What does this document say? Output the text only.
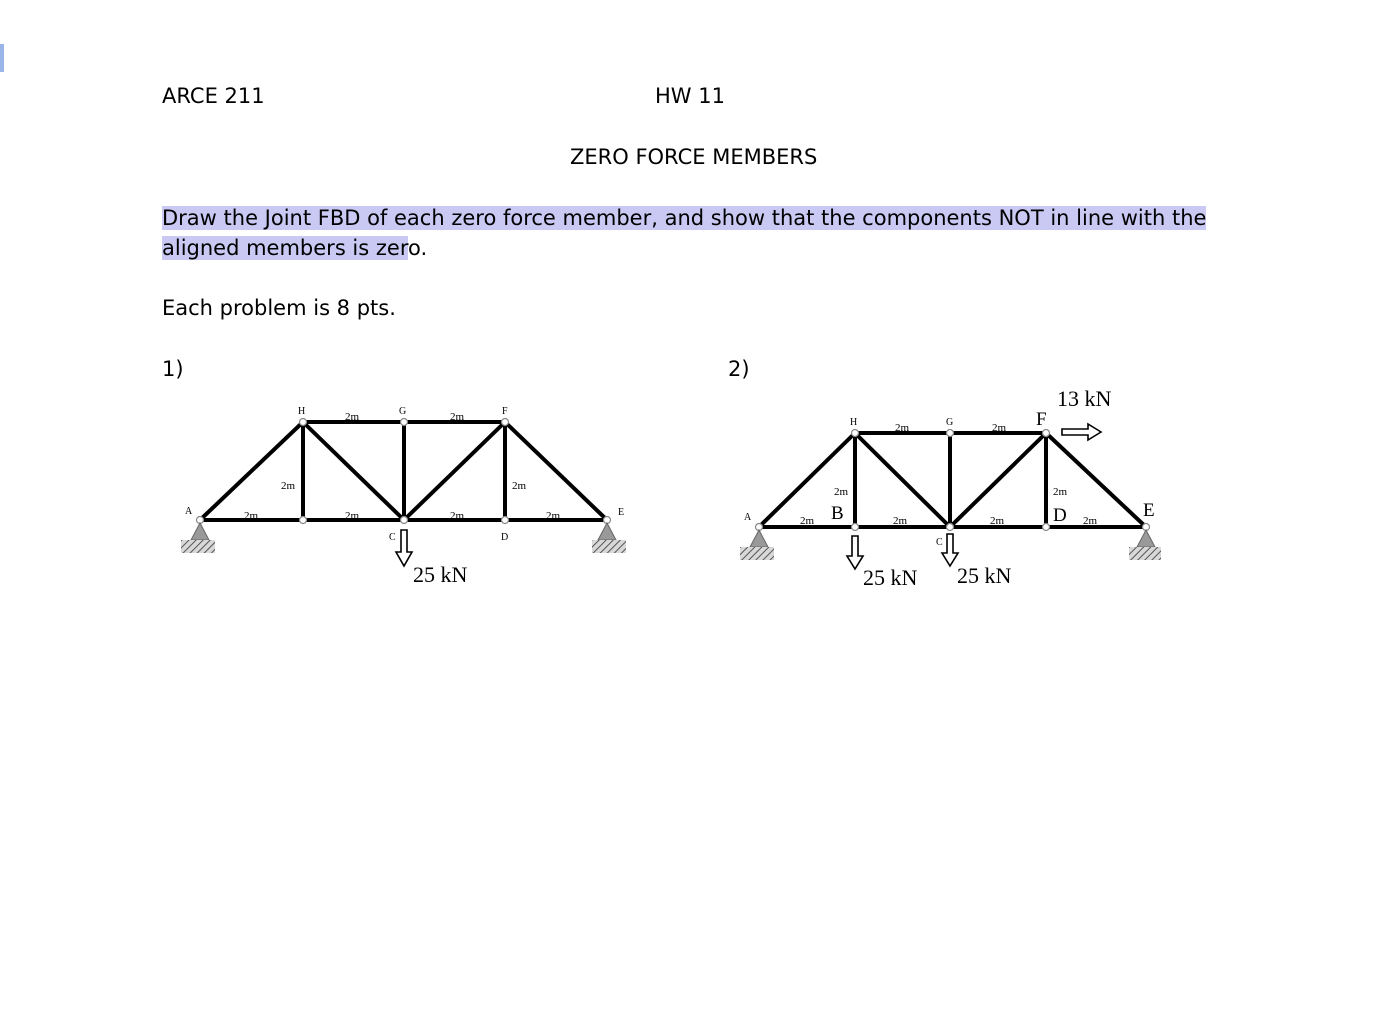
ARCE 211	HW 11
ZERO FORCE MEMBERS
Draw the Joint FBD of each zero force member, and show that the components NOT in line with the
aligned members is zero.
Each problem is 8 pts.
1)	2)
A
C	D
E
F
G
H	2m	2m
2m	2m
2m	2m	2m	2m
25 kN
A	B
C
D	E
F
G
H	2m	2m
2m	2m
2m	2m	2m	2m
25 kN 25 kN
13 kN
